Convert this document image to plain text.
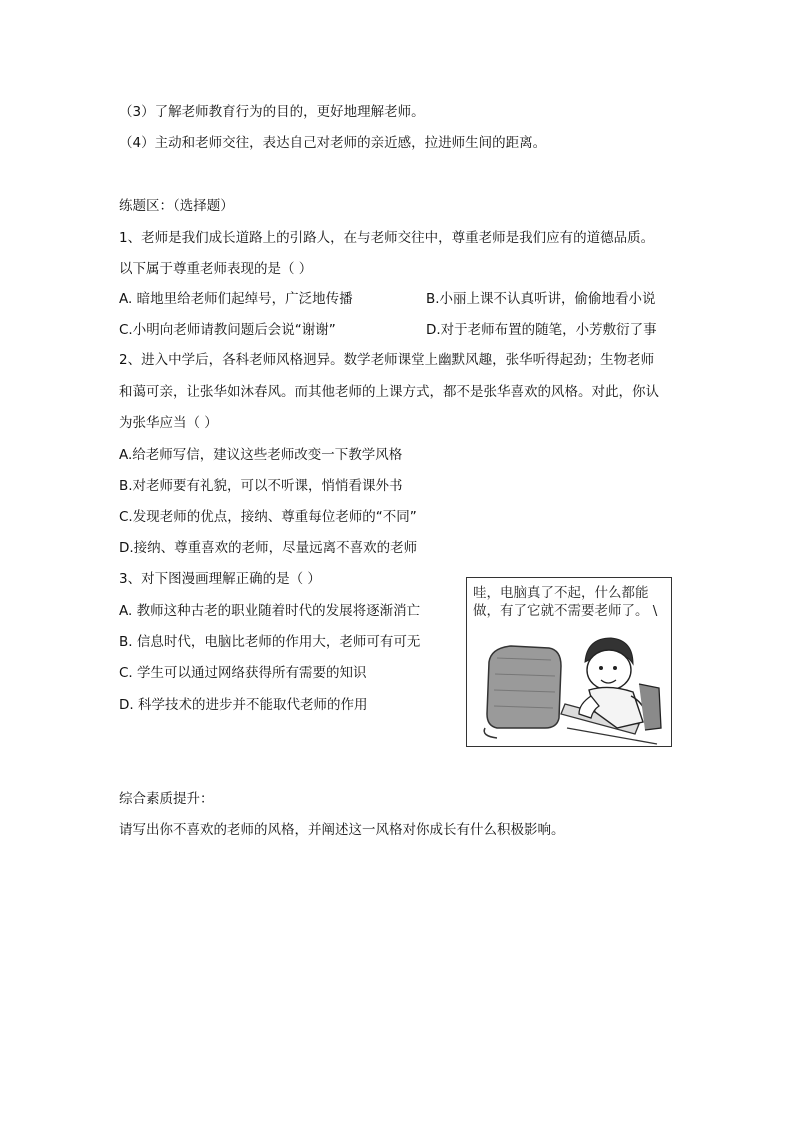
（3）了解老师教育行为的目的，更好地理解老师。
（4）主动和老师交往，表达自己对老师的亲近感，拉进师生间的距离。
练题区：（选择题）
1、老师是我们成长道路上的引路人，在与老师交往中，尊重老师是我们应有的道德品质。
以下属于尊重老师表现的是（ ）
A. 暗地里给老师们起绰号，广泛地传播	B.小丽上课不认真听讲，偷偷地看小说
C.小明向老师请教问题后会说“谢谢”	D.对于老师布置的随笔，小芳敷衍了事
2、进入中学后，各科老师风格迥异。数学老师课堂上幽默风趣，张华听得起劲；生物老师
和蔼可亲，让张华如沐春风。而其他老师的上课方式，都不是张华喜欢的风格。对此，你认
为张华应当（ ）
A.给老师写信，建议这些老师改变一下教学风格
B.对老师要有礼貌，可以不听课，悄悄看课外书
C.发现老师的优点，接纳、尊重每位老师的“不同”
D.接纳、尊重喜欢的老师，尽量远离不喜欢的老师
3、对下图漫画理解正确的是（ ）
A. 教师这种古老的职业随着时代的发展将逐渐消亡
B. 信息时代，电脑比老师的作用大，老师可有可无
C. 学生可以通过网络获得所有需要的知识
D. 科学技术的进步并不能取代老师的作用
哇，电脑真了不起，什么都能做，有了它就不需要老师了。 \
综合素质提升：
请写出你不喜欢的老师的风格，并阐述这一风格对你成长有什么积极影响。
